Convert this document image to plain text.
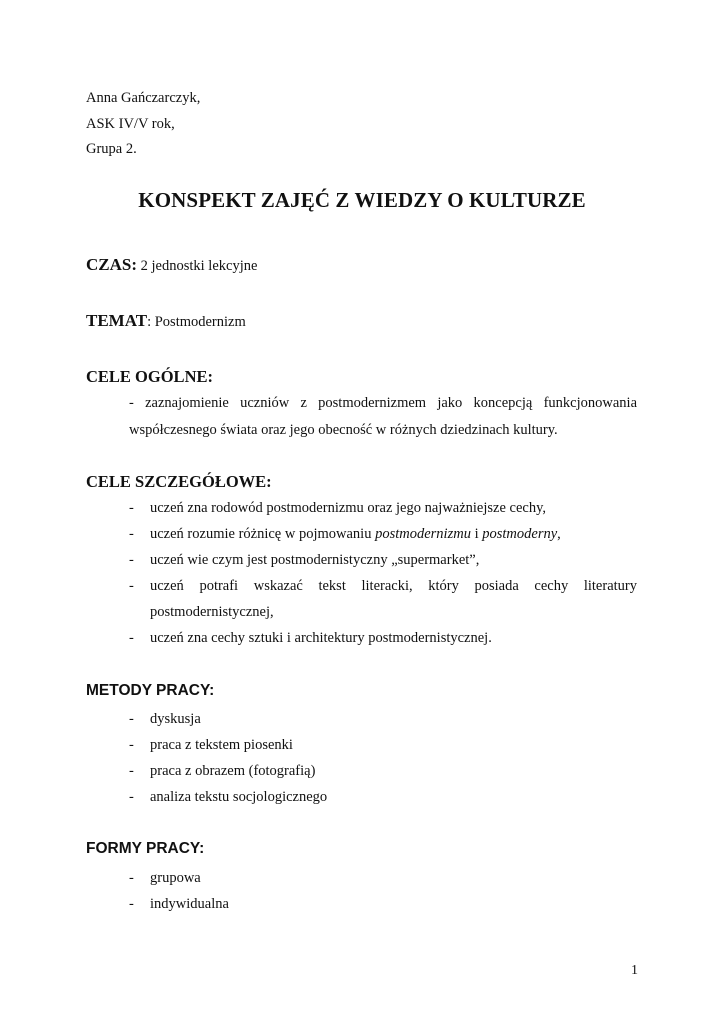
Anna Gańczarczyk,
ASK IV/V rok,
Grupa 2.
KONSPEKT ZAJĘĆ Z WIEDZY O KULTURZE
CZAS: 2 jednostki lekcyjne
TEMAT: Postmodernizm
CELE OGÓLNE:
- zaznajomienie uczniów z postmodernizmem jako koncepcją funkcjonowania współczesnego świata oraz jego obecność w różnych dziedzinach kultury.
CELE SZCZEGÓŁOWE:
- uczeń zna rodowód postmodernizmu oraz jego najważniejsze cechy,
- uczeń rozumie różnicę w pojmowaniu postmodernizmu i postmoderny,
- uczeń wie czym jest postmodernistyczny „supermarket”,
- uczeń potrafi wskazać tekst literacki, który posiada cechy literatury postmodernistycznej,
- uczeń zna cechy sztuki i architektury postmodernistycznej.
METODY PRACY:
- dyskusja
- praca z tekstem piosenki
- praca z obrazem (fotografią)
- analiza tekstu socjologicznego
FORMY PRACY:
- grupowa
- indywidualna
1
